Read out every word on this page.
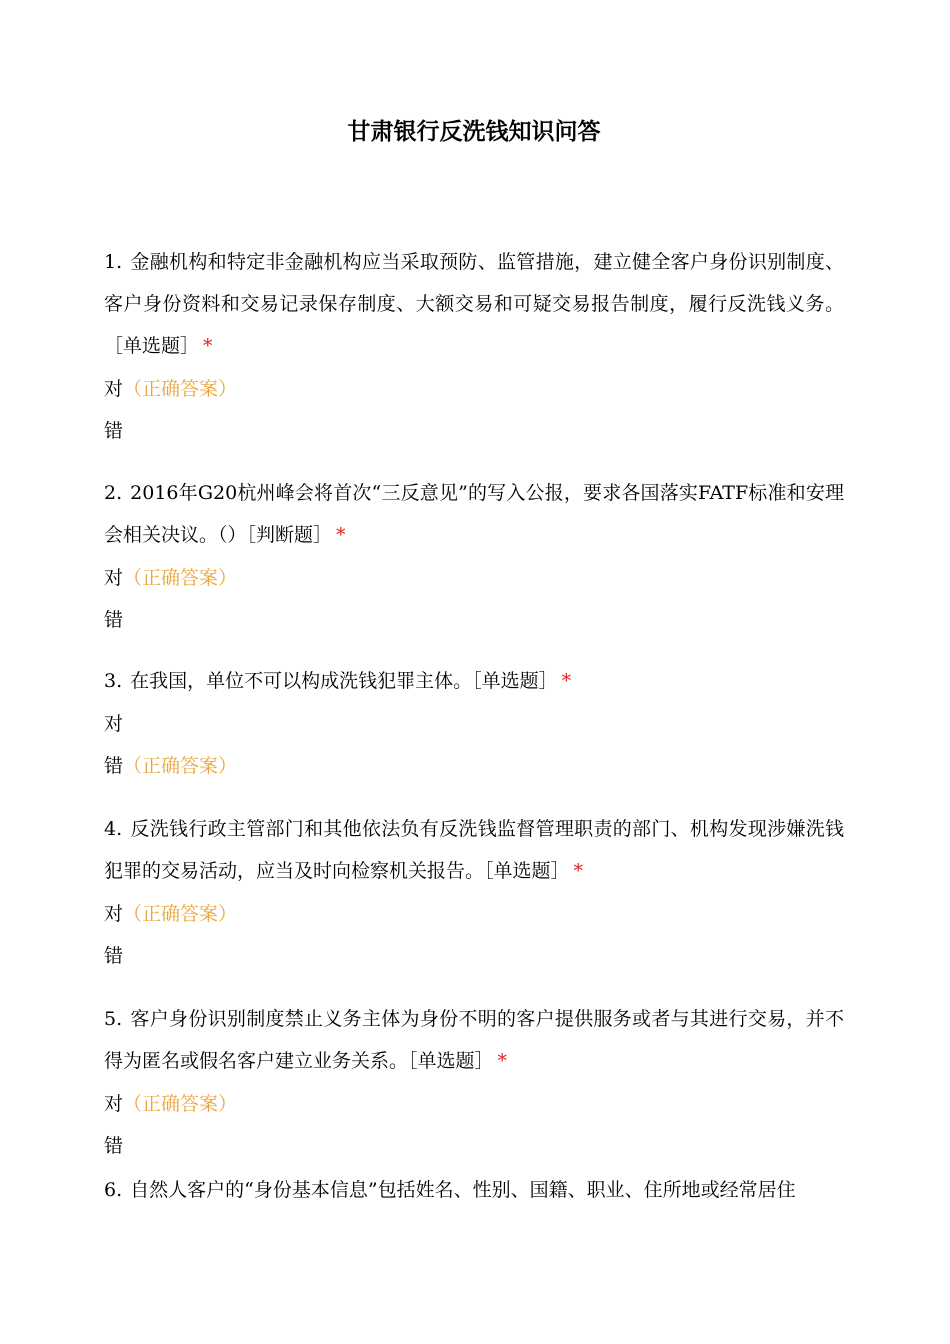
甘肃银行反洗钱知识问答

1. 金融机构和特定非金融机构应当采取预防、监管措施，建立健全客户身份识别制度、客户身份资料和交易记录保存制度、大额交易和可疑交易报告制度，履行反洗钱义务。［单选题］ *

对（正确答案）

错

2. 2016年G20杭州峰会将首次“三反意见”的写入公报，要求各国落实FATF标准和安理会相关决议。（）［判断题］ *

对（正确答案）

错

3. 在我国，单位不可以构成洗钱犯罪主体。［单选题］ *

对

错（正确答案）

4. 反洗钱行政主管部门和其他依法负有反洗钱监督管理职责的部门、机构发现涉嫌洗钱犯罪的交易活动，应当及时向检察机关报告。［单选题］ *

对（正确答案）

错

5. 客户身份识别制度禁止义务主体为身份不明的客户提供服务或者与其进行交易，并不得为匿名或假名客户建立业务关系。［单选题］ *

对（正确答案）

错

6. 自然人客户的“身份基本信息”包括姓名、性别、国籍、职业、住所地或经常居住
